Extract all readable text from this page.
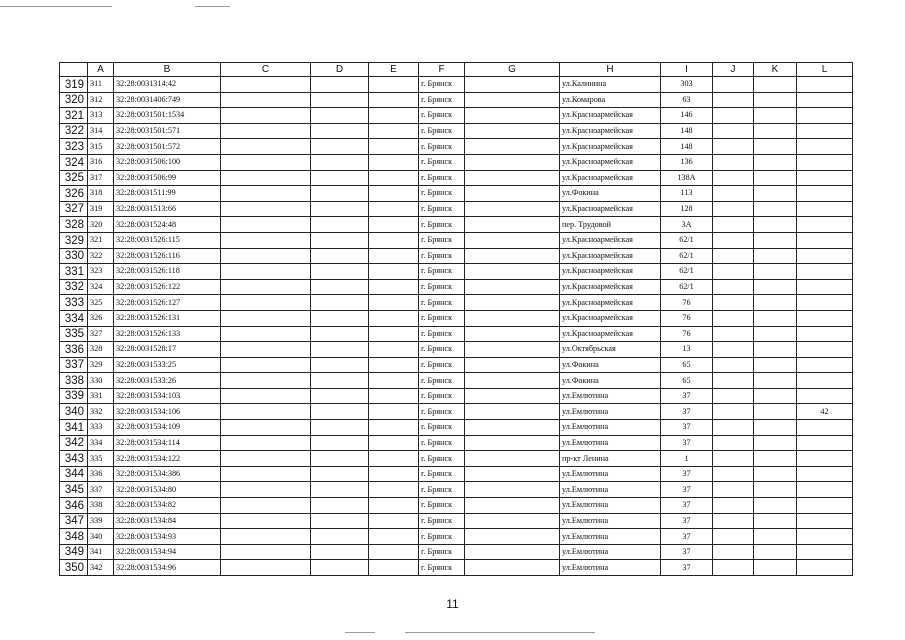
	A	B	C	D	E	F	G	H	I	J	K	L
319	311	32:28:0031314:42				г. Брянск		ул.Калинина	303			
320	312	32:28:0031406:749				г. Брянск		ул.Комарова	63			
321	313	32:28:0031501:1534				г. Брянск		ул.Красноармейская	146			
322	314	32:28:0031501:571				г. Брянск		ул.Красноармейская	148			
323	315	32:28:0031501:572				г. Брянск		ул.Красноармейская	148			
324	316	32:28:0031506:100				г. Брянск		ул.Красноармейская	136			
325	317	32:28:0031506:99				г. Брянск		ул.Красноармейская	138А			
326	318	32:28:0031511:99				г. Брянск		ул.Фокина	113			
327	319	32:28:0031513:66				г. Брянск		ул.Красноармейская	128			
328	320	32:28:0031524:48				г. Брянск		пер. Трудовой	3А			
329	321	32:28:0031526:115				г. Брянск		ул.Красноармейская	62/1			
330	322	32:28:0031526:116				г. Брянск		ул.Красноармейская	62/1			
331	323	32:28:0031526:118				г. Брянск		ул.Красноармейская	62/1			
332	324	32:28:0031526:122				г. Брянск		ул.Красноармейская	62/1			
333	325	32:28:0031526:127				г. Брянск		ул.Красноармейская	76			
334	326	32:28:0031526:131				г. Брянск		ул.Красноармейская	76			
335	327	32:28:0031526:133				г. Брянск		ул.Красноармейская	76			
336	328	32:28:0031528:17				г. Брянск		ул.Октябрьская	13			
337	329	32:28:0031533:25				г. Брянск		ул.Фокина	65			
338	330	32:28:0031533:26				г. Брянск		ул.Фокина	65			
339	331	32:28:0031534:103				г. Брянск		ул.Емлютина	37			
340	332	32:28:0031534:106				г. Брянск		ул.Емлютина	37			42
341	333	32:28:0031534:109				г. Брянск		ул.Емлютина	37			
342	334	32:28:0031534:114				г. Брянск		ул.Емлютина	37			
343	335	32:28:0031534:122				г. Брянск		пр-кт Ленина	1			
344	336	32:28:0031534:386				г. Брянск		ул.Емлютина	37			
345	337	32:28:0031534:80				г. Брянск		ул.Емлютина	37			
346	338	32:28:0031534:82				г. Брянск		ул.Емлютина	37			
347	339	32:28:0031534:84				г. Брянск		ул.Емлютина	37			
348	340	32:28:0031534:93				г. Брянск		ул.Емлютина	37			
349	341	32:28:0031534:94				г. Брянск		ул.Емлютина	37			
350	342	32:28:0031534:96				г. Брянск		ул.Емлютина	37			
11
